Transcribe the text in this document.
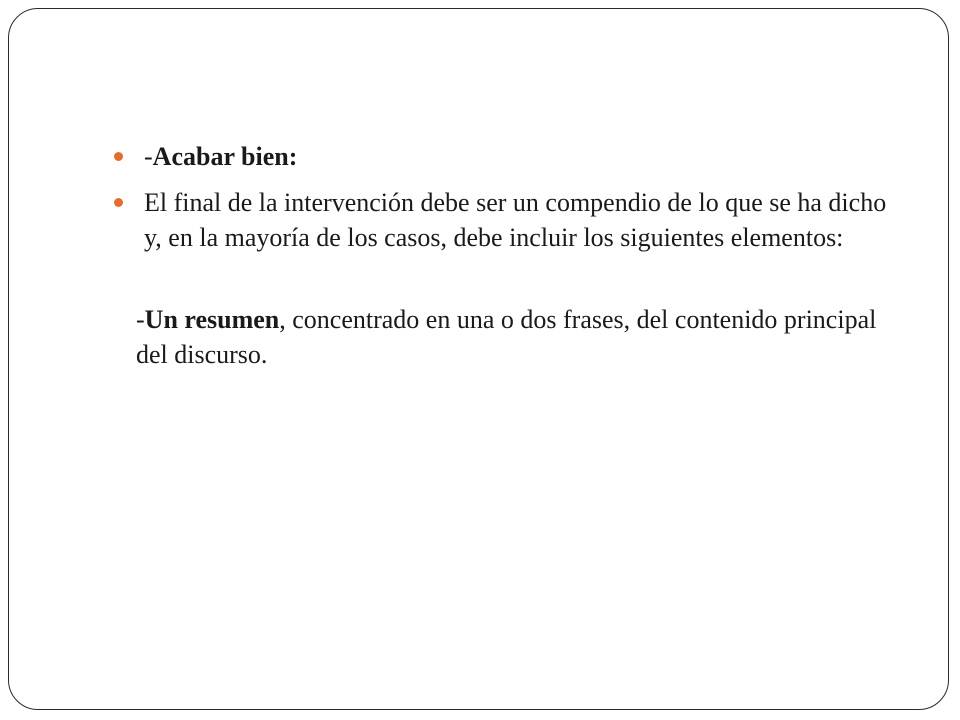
-Acabar bien:
El final de la intervención debe ser un compendio de lo que se ha dicho y, en la mayoría de los casos, debe incluir los siguientes elementos:
-Un resumen, concentrado en una o dos frases, del contenido principal del discurso.
